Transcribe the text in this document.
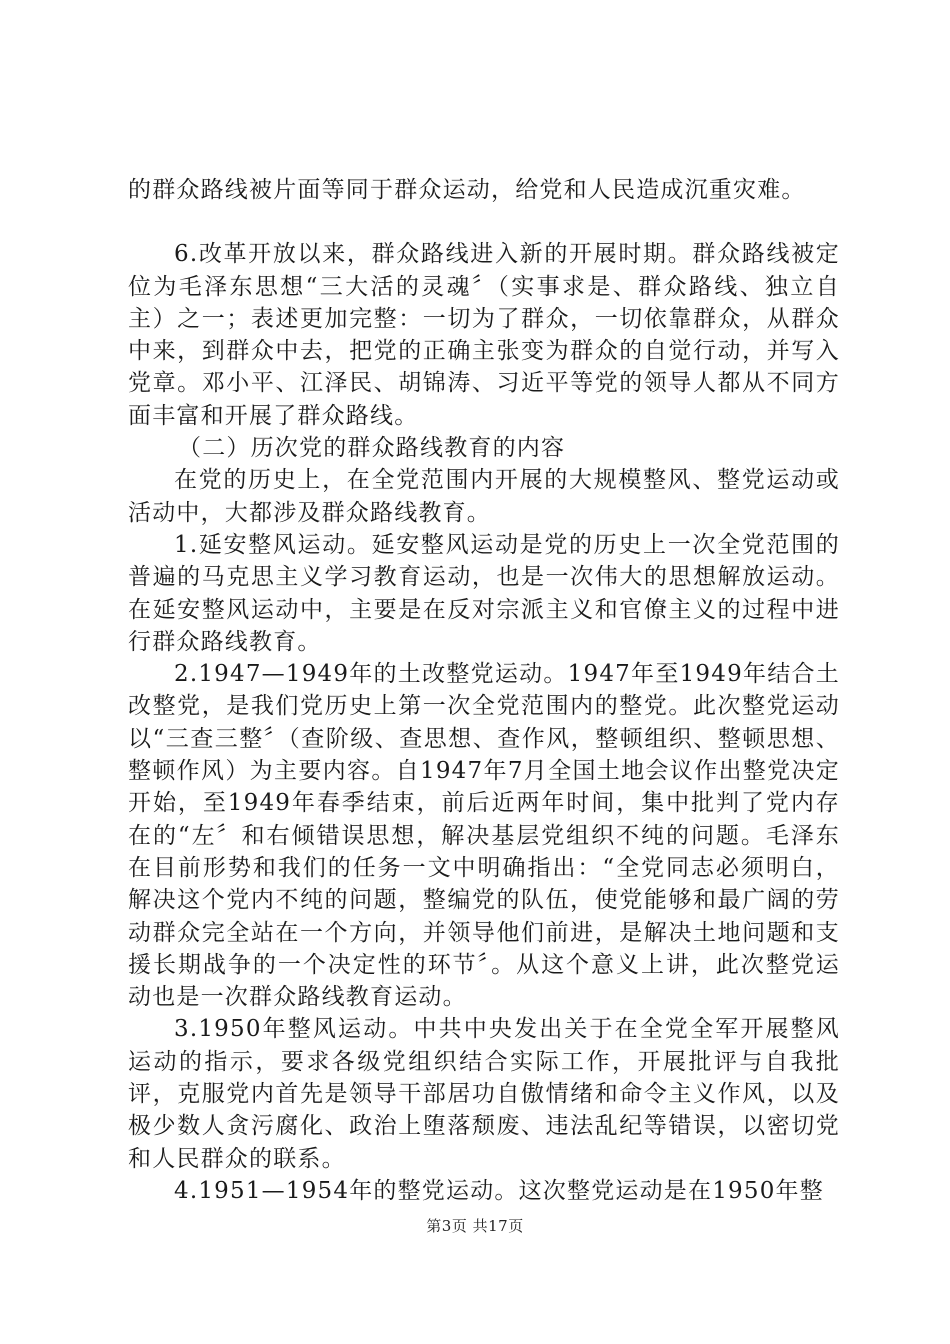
的群众路线被片面等同于群众运动，给党和人民造成沉重灾难。

6.改革开放以来，群众路线进入新的开展时期。群众路线被定位为毛泽东思想“三大活的灵魂〞（实事求是、群众路线、独立自主）之一；表述更加完整：一切为了群众，一切依靠群众，从群众中来，到群众中去，把党的正确主张变为群众的自觉行动，并写入党章。邓小平、江泽民、胡锦涛、习近平等党的领导人都从不同方面丰富和开展了群众路线。

（二）历次党的群众路线教育的内容

在党的历史上，在全党范围内开展的大规模整风、整党运动或活动中，大都涉及群众路线教育。

1.延安整风运动。延安整风运动是党的历史上一次全党范围的普遍的马克思主义学习教育运动，也是一次伟大的思想解放运动。在延安整风运动中，主要是在反对宗派主义和官僚主义的过程中进行群众路线教育。

2.1947—1949年的土改整党运动。1947年至1949年结合土改整党，是我们党历史上第一次全党范围内的整党。此次整党运动以“三查三整〞（查阶级、查思想、查作风，整顿组织、整顿思想、整顿作风）为主要内容。自1947年7月全国土地会议作出整党决定开始，至1949年春季结束，前后近两年时间，集中批判了党内存在的“左〞和右倾错误思想，解决基层党组织不纯的问题。毛泽东在目前形势和我们的任务一文中明确指出：“全党同志必须明白，解决这个党内不纯的问题，整编党的队伍，使党能够和最广阔的劳动群众完全站在一个方向，并领导他们前进，是解决土地问题和支援长期战争的一个决定性的环节〞。从这个意义上讲，此次整党运动也是一次群众路线教育运动。

3.1950年整风运动。中共中央发出关于在全党全军开展整风运动的指示，要求各级党组织结合实际工作，开展批评与自我批评，克服党内首先是领导干部居功自傲情绪和命令主义作风，以及极少数人贪污腐化、政治上堕落颓废、违法乱纪等错误，以密切党和人民群众的联系。

4.1951—1954年的整党运动。这次整党运动是在1950年整

第3页 共17页
